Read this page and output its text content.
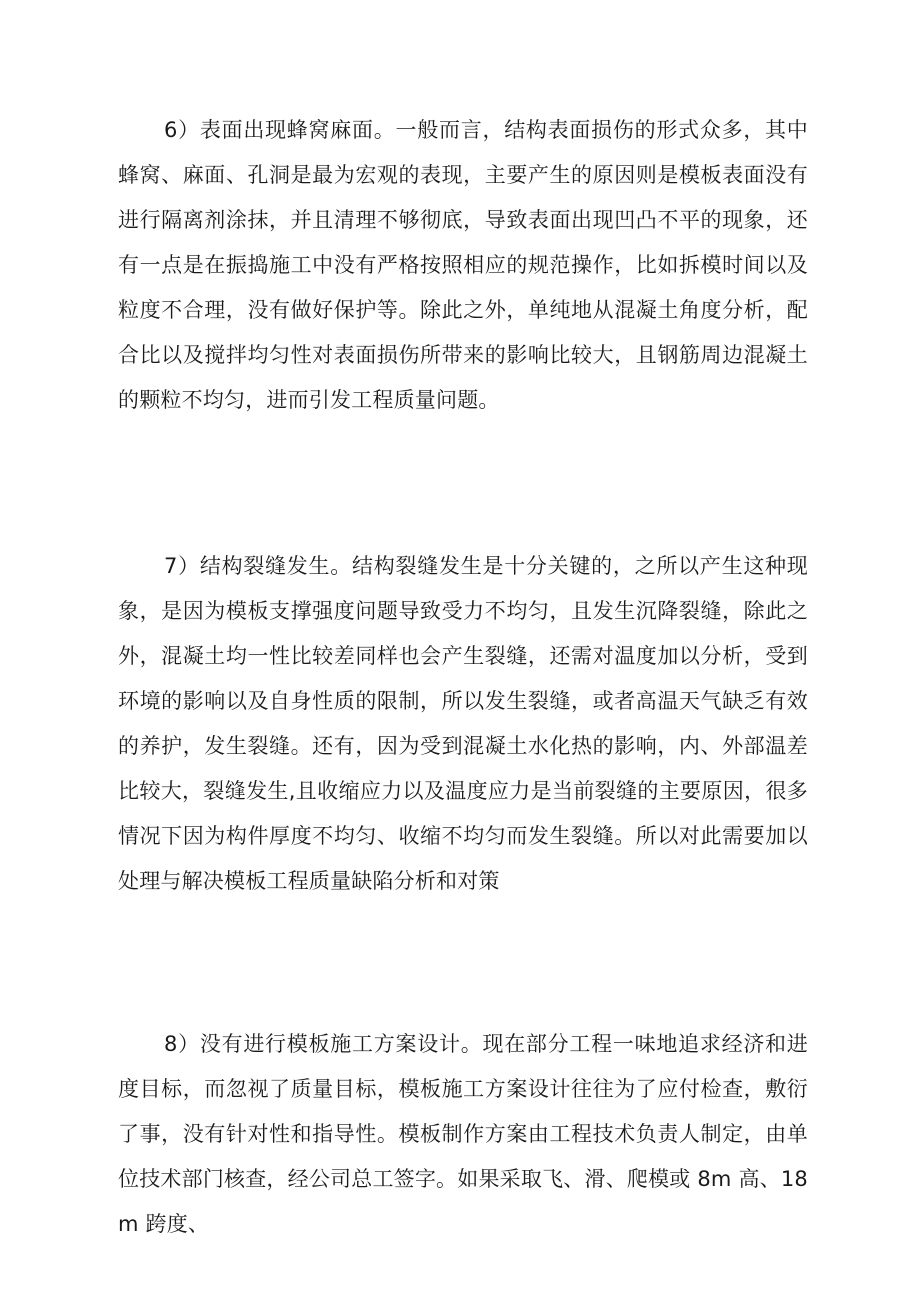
6）表面出现蜂窝麻面。一般而言，结构表面损伤的形式众多，其中蜂窝、麻面、孔洞是最为宏观的表现，主要产生的原因则是模板表面没有进行隔离剂涂抹，并且清理不够彻底，导致表面出现凹凸不平的现象，还有一点是在振捣施工中没有严格按照相应的规范操作，比如拆模时间以及粒度不合理，没有做好保护等。除此之外，单纯地从混凝土角度分析，配合比以及搅拌均匀性对表面损伤所带来的影响比较大，且钢筋周边混凝土的颗粒不均匀，进而引发工程质量问题。

7）结构裂缝发生。结构裂缝发生是十分关键的，之所以产生这种现象，是因为模板支撑强度问题导致受力不均匀，且发生沉降裂缝，除此之外，混凝土均一性比较差同样也会产生裂缝，还需对温度加以分析，受到环境的影响以及自身性质的限制，所以发生裂缝，或者高温天气缺乏有效的养护，发生裂缝。还有，因为受到混凝土水化热的影响，内、外部温差比较大，裂缝发生,且收缩应力以及温度应力是当前裂缝的主要原因，很多情况下因为构件厚度不均匀、收缩不均匀而发生裂缝。所以对此需要加以处理与解决模板工程质量缺陷分析和对策

8）没有进行模板施工方案设计。现在部分工程一味地追求经济和进度目标，而忽视了质量目标，模板施工方案设计往往为了应付检查，敷衍了事，没有针对性和指导性。模板制作方案由工程技术负责人制定，由单位技术部门核查，经公司总工签字。如果采取飞、滑、爬模或 8m 高、18m 跨度、
